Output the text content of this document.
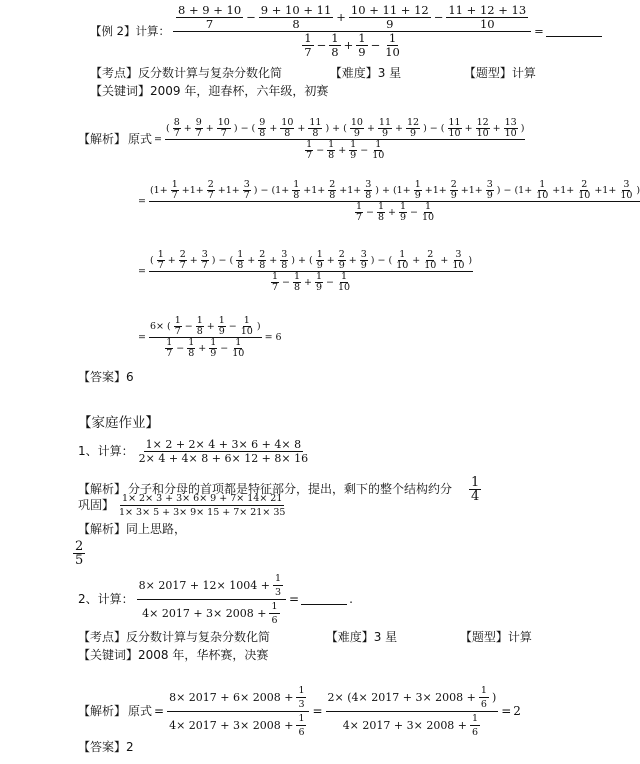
【例 2】计算： $\frac{8 + 9 + 10}{7} - \frac{9 + 10 + 11}{8} + \frac{10 + 11 + 12}{9} - \frac{11 + 12 + 13}{10}$
$\frac{1}{7} - \frac{1}{8} + \frac{1}{9} - \frac{1}{10}$
=
【考点】反分数计算与复杂分数化简	【难度】3 星	【题型】计算
【关键词】2009 年，迎春杯，六年级，初赛
【解析】 原式 =
( $\frac{8}{7} + \frac{9}{7} + \frac{10}{7}$ ) − ( $\frac{9}{8} + \frac{10}{8} + \frac{11}{8}$ ) + ( $\frac{10}{9} + \frac{11}{9} + \frac{12}{9}$ ) − ( $\frac{11}{10} + \frac{12}{10} + \frac{13}{10}$ )
$\frac{1}{7} - \frac{1}{8} + \frac{1}{9} - \frac{1}{10}$
=
($1+ \frac{1}{7} +1+ \frac{2}{7} +1+ \frac{3}{7}$ ) − ($1+ \frac{1}{8} +1+ \frac{2}{8} +1+ \frac{3}{8}$ ) + ($1+ \frac{1}{9} +1+ \frac{2}{9} +1+ \frac{3}{9}$ ) − ($1+ \frac{1}{10} +1+ \frac{2}{10} +1+ \frac{3}{10}$ )
$\frac{1}{7} - \frac{1}{8} + \frac{1}{9} - \frac{1}{10}$
= $\frac{( \frac{1}{7} + \frac{2}{7} + \frac{3}{7} ) - ( \frac{1}{8} + \frac{2}{8} + \frac{3}{8} ) + ( \frac{1}{9} + \frac{2}{9} + \frac{3}{9} ) - ( \frac{1}{10} + \frac{2}{10} + \frac{3}{10} )}{\frac{1}{7} - \frac{1}{8} + \frac{1}{9} - \frac{1}{10}}$
= $\frac{6\times ( \frac{1}{7} - \frac{1}{8} + \frac{1}{9} - \frac{1}{10} )}{\frac{1}{7} - \frac{1}{8} + \frac{1}{9} - \frac{1}{10}} = 6$
【答案】6
【家庭作业】
1、计算： $\frac{1\times 2 + 2\times 4 + 3\times 6 + 4\times 8}{2\times 4 + 4\times 8 + 6\times 12 + 8\times 16}$
【解析】 分子和分母的首项都是特征部分，提出，剩下的整个结构约分 $\frac{1}{4}$
巩固】 $\frac{1\times 2\times 3 + 3\times 6\times 9 + 7\times 14\times 21}{1\times 3\times 5 + 3\times 9\times 15 + 7\times 21\times 35}$
【解析】同上思路，
$\frac{2}{5}$
2、计算： $\frac{8\times 2017 + 12\times 1004 + \frac{1}{3}}{4\times 2017 + 3\times 2008 + \frac{1}{6}}$ =	.
【考点】反分数计算与复杂分数化简	【难度】3 星	【题型】计算
【关键词】2008 年，华杯赛，决赛
【解析】 原式 = $\frac{8\times 2017 + 6\times 2008 + \frac{1}{3}}{4\times 2017 + 3\times 2008 + \frac{1}{6}} = \frac{2\times (4\times 2017 + 3\times 2008 + \frac{1}{6} )}{4\times 2017 + 3\times 2008 + \frac{1}{6}} = 2$
【答案】2
